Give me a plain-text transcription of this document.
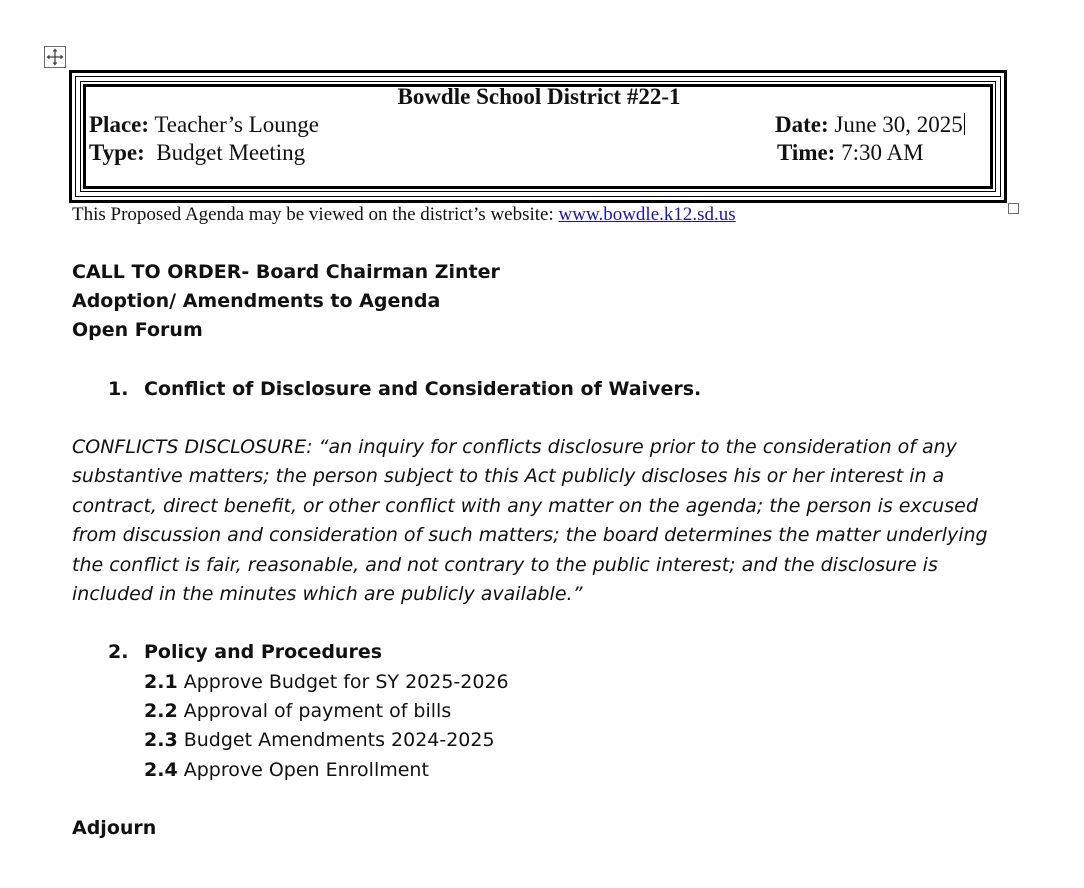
Bowdle School District #22-1
Place: Teacher’s Lounge
Type: Budget Meeting
Date: June 30, 2025
Time: 7:30 AM
This Proposed Agenda may be viewed on the district’s website: www.bowdle.k12.sd.us
CALL TO ORDER- Board Chairman Zinter
Adoption/ Amendments to Agenda
Open Forum
1. Conflict of Disclosure and Consideration of Waivers.
CONFLICTS DISCLOSURE: “an inquiry for conflicts disclosure prior to the consideration of any substantive matters; the person subject to this Act publicly discloses his or her interest in a contract, direct benefit, or other conflict with any matter on the agenda; the person is excused from discussion and consideration of such matters; the board determines the matter underlying the conflict is fair, reasonable, and not contrary to the public interest; and the disclosure is included in the minutes which are publicly available.”
2. Policy and Procedures
2.1 Approve Budget for SY 2025-2026
2.2 Approval of payment of bills
2.3 Budget Amendments 2024-2025
2.4 Approve Open Enrollment
Adjourn
